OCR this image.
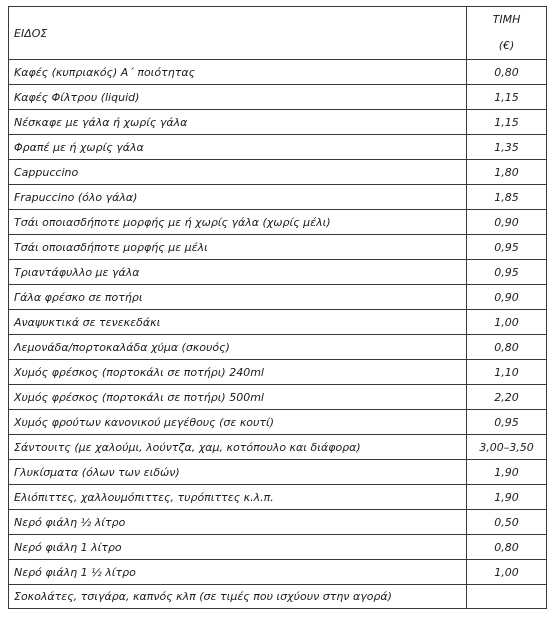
ΕΙΔΟΣ	ΤΙΜΗ
(€)

Καφές (κυπριακός) Α΄ ποιότητας	0,80
Καφές Φίλτρου (liquid)	1,15
Νέσκαφε με γάλα ή χωρίς γάλα	1,15
Φραπέ με ή χωρίς γάλα	1,35
Cappuccino	1,80
Frapuccino (όλο γάλα)	1,85
Τσάι οποιασδήποτε μορφής με ή χωρίς γάλα (χωρίς μέλι)	0,90
Τσάι οποιασδήποτε μορφής με μέλι	0,95
Τριαντάφυλλο με γάλα	0,95
Γάλα φρέσκο σε ποτήρι	0,90
Αναψυκτικά σε τενεκεδάκι	1,00
Λεμονάδα/πορτοκαλάδα χύμα (σκουός)	0,80
Χυμός φρέσκος (πορτοκάλι σε ποτήρι) 240ml	1,10
Χυμός φρέσκος (πορτοκάλι σε ποτήρι) 500ml	2,20
Χυμός φρούτων κανονικού μεγέθους (σε κουτί)	0,95
Σάντουιτς (με χαλούμι, λούντζα, χαμ, κοτόπουλο και διάφορα)	3,00–3,50
Γλυκίσματα (όλων των ειδών)	1,90
Ελιόπιττες, χαλλουμόπιττες, τυρόπιττες κ.λ.π.	1,90
Νερό φιάλη ½ λίτρο	0,50
Νερό φιάλη 1 λίτρο	0,80
Νερό φιάλη 1 ½ λίτρο	1,00
Σοκολάτες, τσιγάρα, καπνός κλπ (σε τιμές που ισχύουν στην αγορά)	
